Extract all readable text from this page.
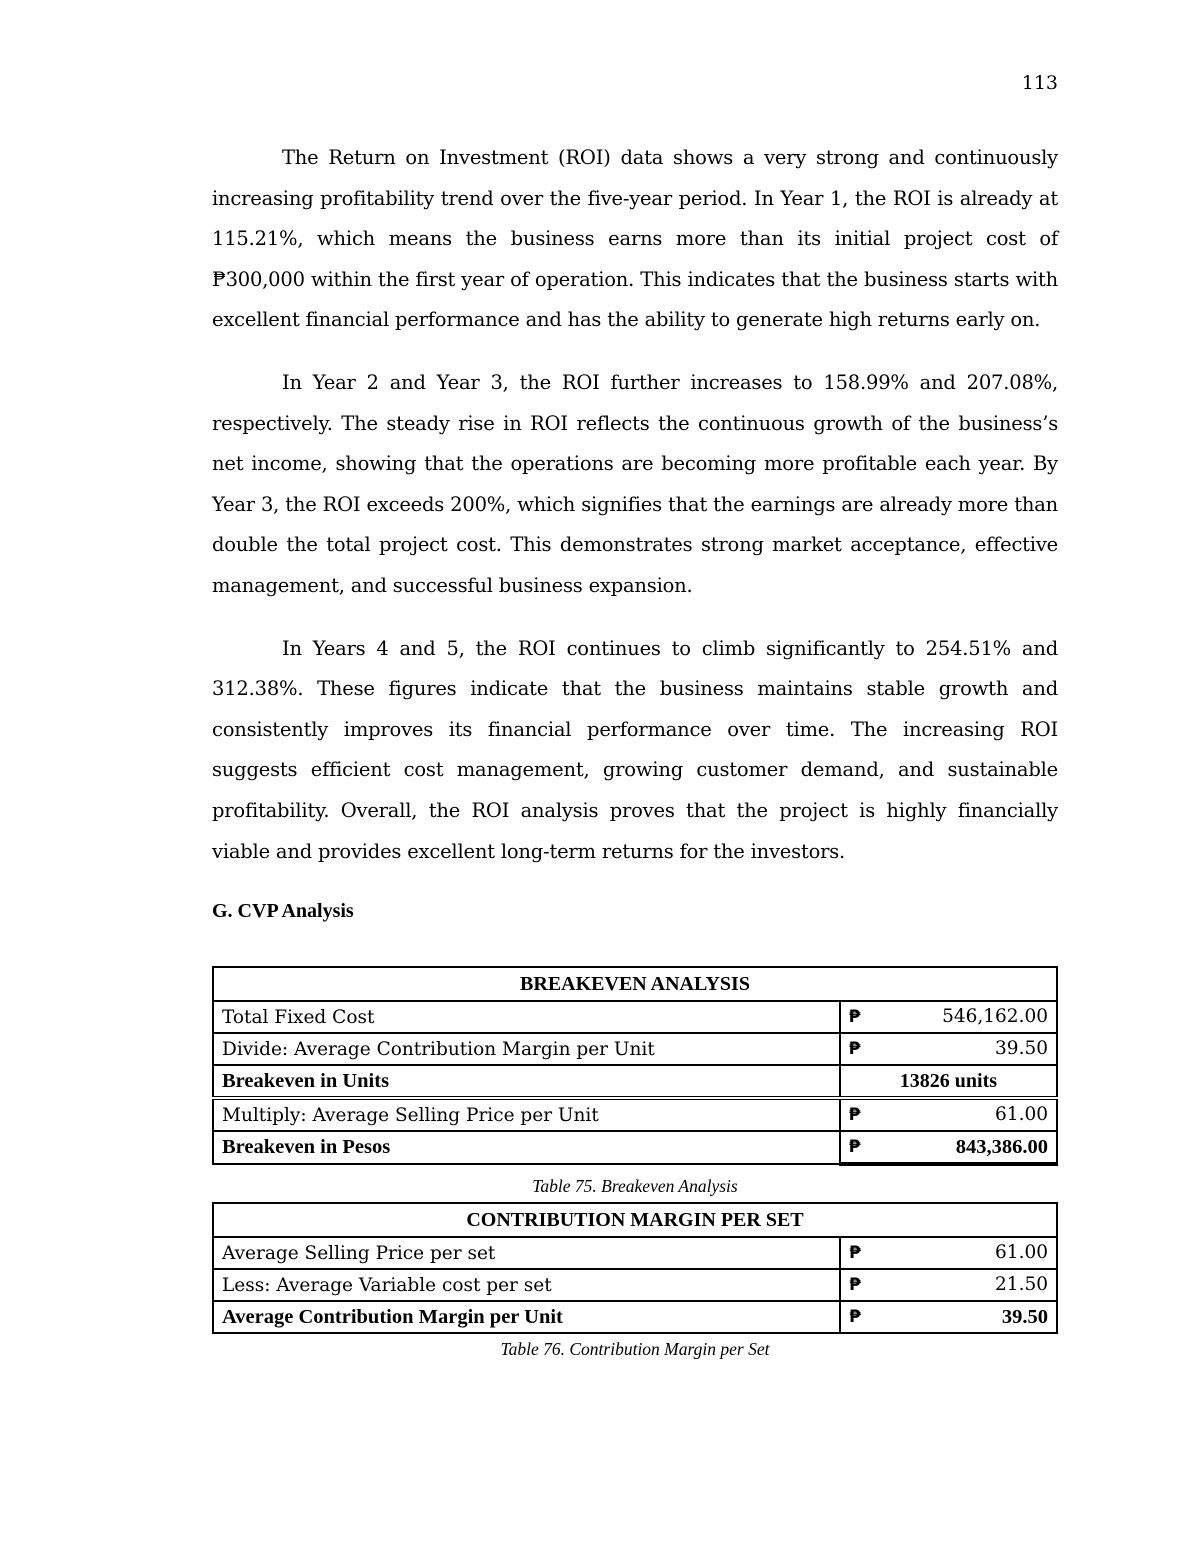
113

The Return on Investment (ROI) data shows a very strong and continuously increasing profitability trend over the five-year period. In Year 1, the ROI is already at 115.21%, which means the business earns more than its initial project cost of ₱300,000 within the first year of operation. This indicates that the business starts with excellent financial performance and has the ability to generate high returns early on.

In Year 2 and Year 3, the ROI further increases to 158.99% and 207.08%, respectively. The steady rise in ROI reflects the continuous growth of the business’s net income, showing that the operations are becoming more profitable each year. By Year 3, the ROI exceeds 200%, which signifies that the earnings are already more than double the total project cost. This demonstrates strong market acceptance, effective management, and successful business expansion.

In Years 4 and 5, the ROI continues to climb significantly to 254.51% and 312.38%. These figures indicate that the business maintains stable growth and consistently improves its financial performance over time. The increasing ROI suggests efficient cost management, growing customer demand, and sustainable profitability. Overall, the ROI analysis proves that the project is highly financially viable and provides excellent long-term returns for the investors.

G. CVP Analysis
BREAKEVEN ANALYSIS	
Total Fixed Cost	₱ 546,162.00

Divide: Average Contribution Margin per Unit	₱ 39.50

Breakeven in Units	13826 units
Multiply: Average Selling Price per Unit	₱ 61.00

Breakeven in Pesos	₱ 843,386.00
Table 75. Breakeven Analysis
CONTRIBUTION MARGIN PER SET	
Average Selling Price per set	₱ 61.00

Less: Average Variable cost per set	₱ 21.50

Average Contribution Margin per Unit	₱ 39.50
Table 76. Contribution Margin per Set
